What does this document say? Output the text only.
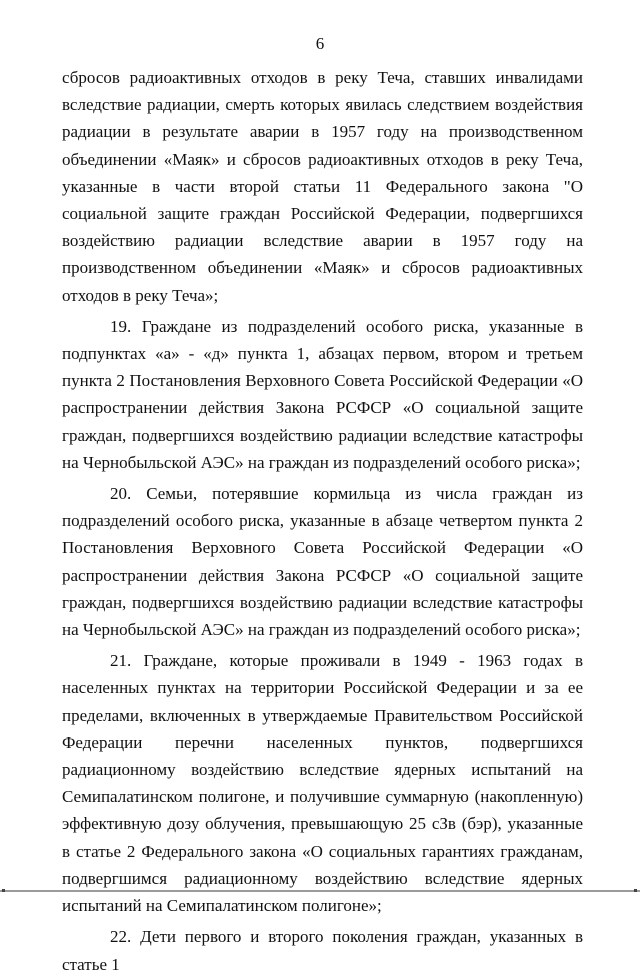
6

сбросов радиоактивных отходов в реку Теча, ставших инвалидами вследствие радиации, смерть которых явилась следствием воздействия радиации в результате аварии в 1957 году на производственном объединении «Маяк» и сбросов радиоактивных отходов в реку Теча, указанные в части второй статьи 11 Федерального закона "О социальной защите граждан Российской Федерации, подвергшихся воздействию радиации вследствие аварии в 1957 году на производственном объединении «Маяк» и сбросов радиоактивных отходов в реку Теча»;

19. Граждане из подразделений особого риска, указанные в подпунктах «а» - «д» пункта 1, абзацах первом, втором и третьем пункта 2 Постановления Верховного Совета Российской Федерации «О распространении действия Закона РСФСР «О социальной защите граждан, подвергшихся воздействию радиации вследствие катастрофы на Чернобыльской АЭС» на граждан из подразделений особого риска»;

20. Семьи, потерявшие кормильца из числа граждан из подразделений особого риска, указанные в абзаце четвертом пункта 2 Постановления Верховного Совета Российской Федерации «О распространении действия Закона РСФСР «О социальной защите граждан, подвергшихся воздействию радиации вследствие катастрофы на Чернобыльской АЭС» на граждан из подразделений особого риска»;

21. Граждане, которые проживали в 1949 - 1963 годах в населенных пунктах на территории Российской Федерации и за ее пределами, включенных в утверждаемые Правительством Российской Федерации перечни населенных пунктов, подвергшихся радиационному воздействию вследствие ядерных испытаний на Семипалатинском полигоне, и получившие суммарную (накопленную) эффективную дозу облучения, превышающую 25 сЗв (бэр), указанные в статье 2 Федерального закона «О социальных гарантиях гражданам, подвергшимся радиационному воздействию вследствие ядерных испытаний на Семипалатинском полигоне»;

22. Дети первого и второго поколения граждан, указанных в статье 1
